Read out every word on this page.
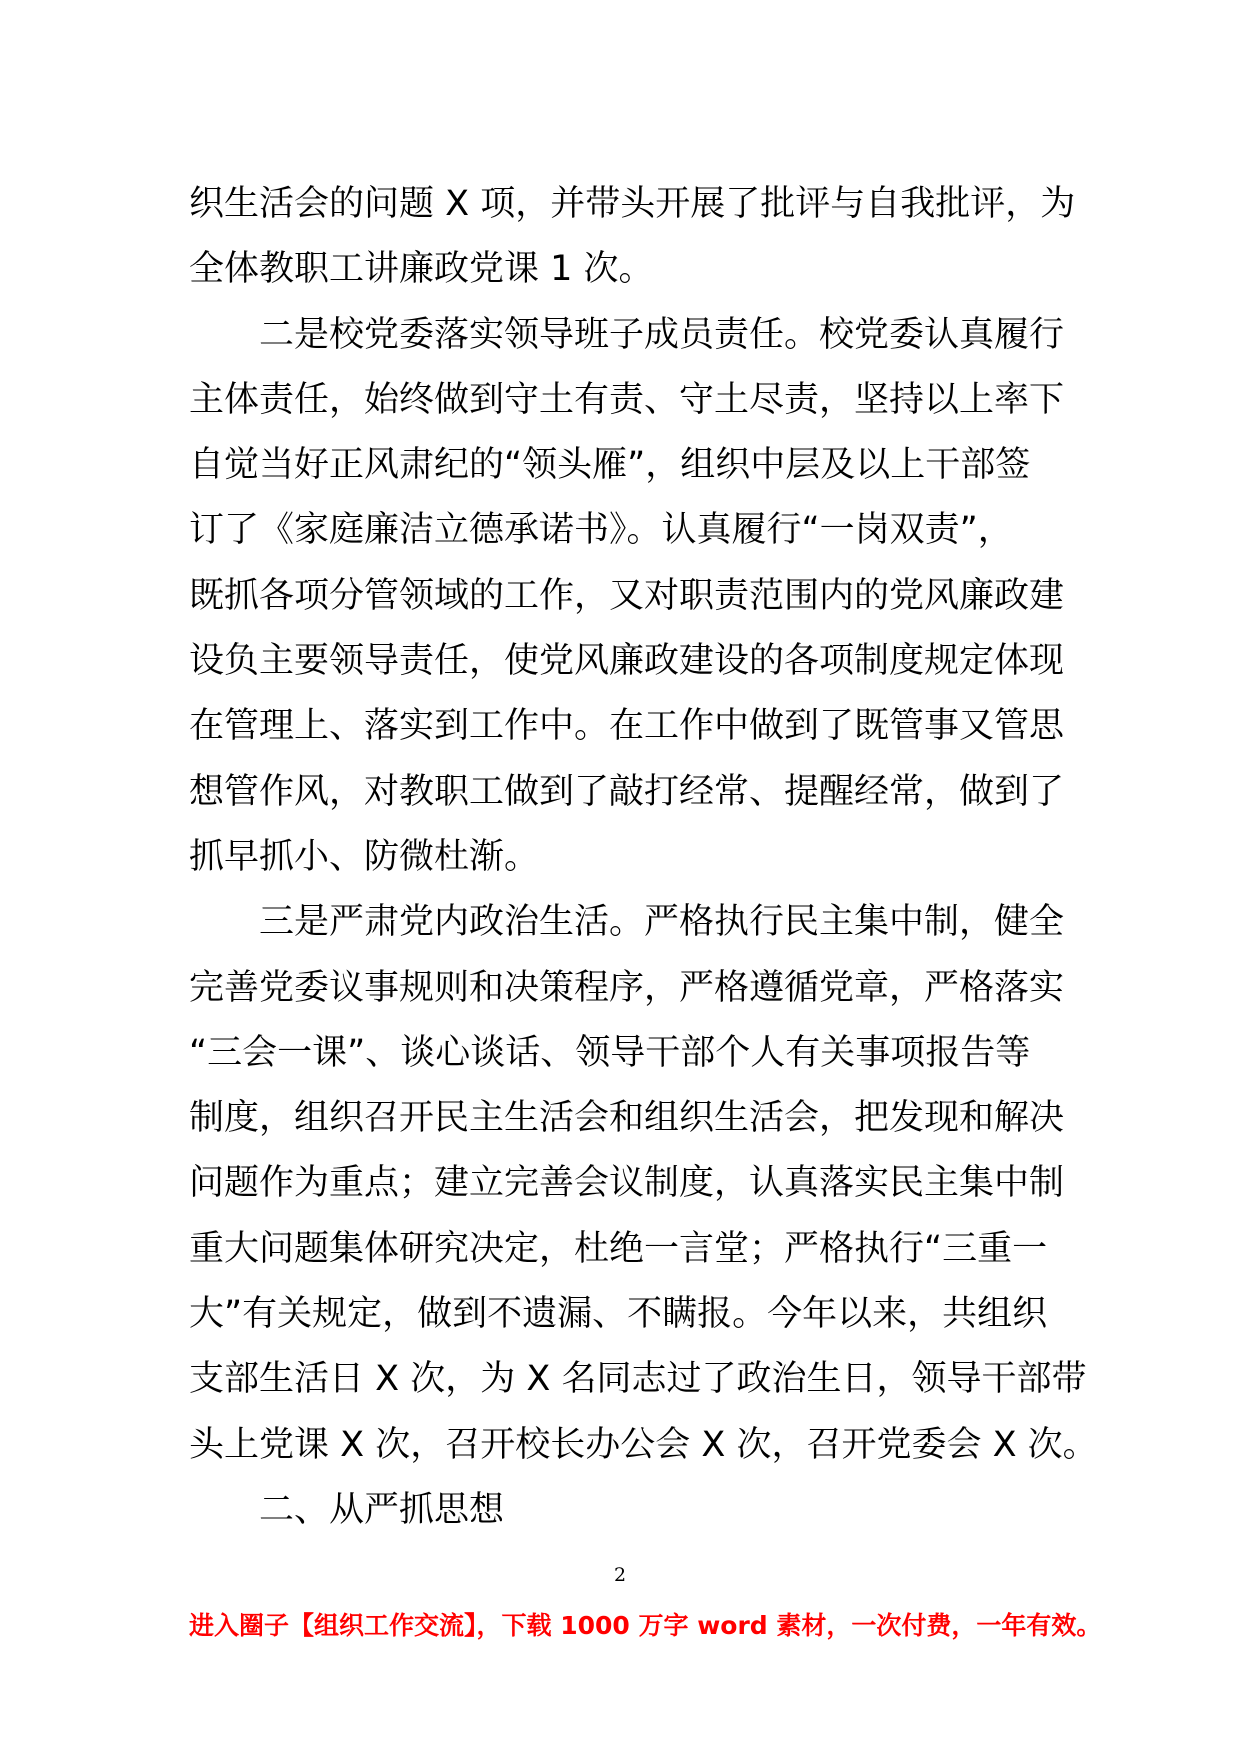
织生活会的问题 X 项，并带头开展了批评与自我批评，为
全体教职工讲廉政党课 1 次。
二是校党委落实领导班子成员责任。校党委认真履行
主体责任，始终做到守土有责、守土尽责，坚持以上率下
自觉当好正风肃纪的“领头雁”，组织中层及以上干部签
订了《家庭廉洁立德承诺书》。认真履行“一岗双责”，
既抓各项分管领域的工作，又对职责范围内的党风廉政建
设负主要领导责任，使党风廉政建设的各项制度规定体现
在管理上、落实到工作中。在工作中做到了既管事又管思
想管作风，对教职工做到了敲打经常、提醒经常，做到了
抓早抓小、防微杜渐。
三是严肃党内政治生活。严格执行民主集中制，健全
完善党委议事规则和决策程序，严格遵循党章，严格落实
“三会一课”、谈心谈话、领导干部个人有关事项报告等
制度，组织召开民主生活会和组织生活会，把发现和解决
问题作为重点；建立完善会议制度，认真落实民主集中制
重大问题集体研究决定，杜绝一言堂；严格执行“三重一
大”有关规定，做到不遗漏、不瞒报。今年以来，共组织
支部生活日 X 次，为 X 名同志过了政治生日，领导干部带
头上党课 X 次，召开校长办公会 X 次，召开党委会 X 次。
二、从严抓思想
2
进入圈子【组织工作交流】，下载 1000 万字 word 素材，一次付费，一年有效。
